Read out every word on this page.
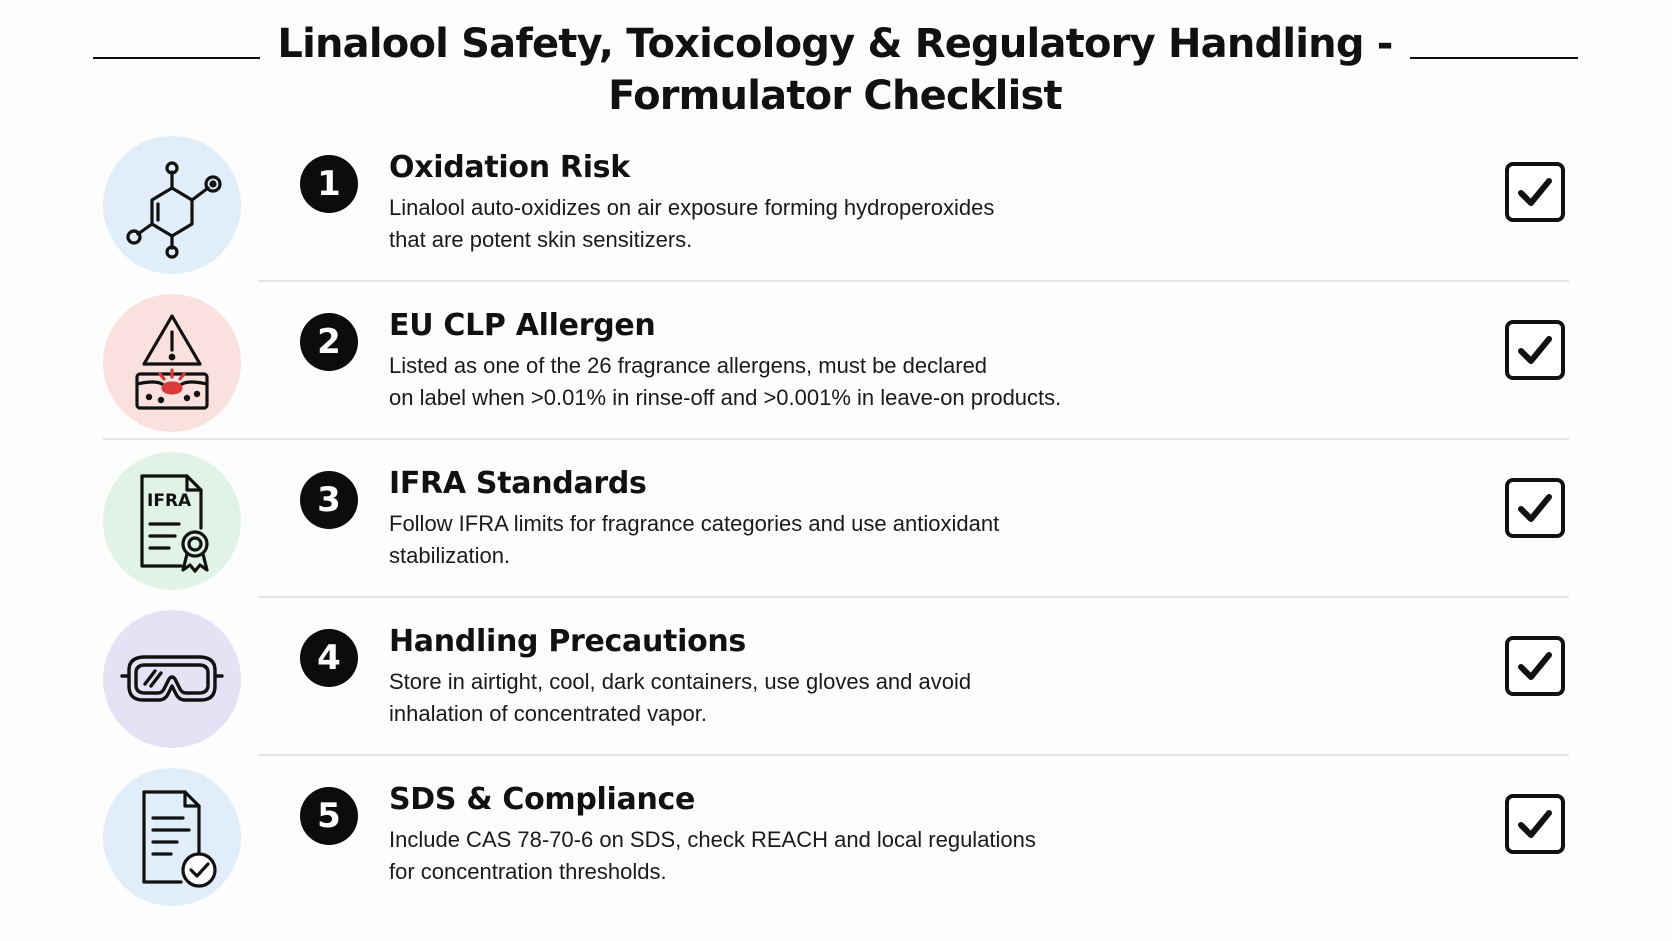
Linalool Safety, Toxicology & Regulatory Handling -
Formulator Checklist
1	Oxidation Risk
Linalool auto-oxidizes on air exposure forming hydroperoxides
that are potent skin sensitizers.
2	EU CLP Allergen
Listed as one of the 26 fragrance allergens, must be declared
on label when >0.01% in rinse-off and >0.001% in leave-on products.
IFRA	3	IFRA Standards
Follow IFRA limits for fragrance categories and use antioxidant
stabilization.
4	Handling Precautions
Store in airtight, cool, dark containers, use gloves and avoid
inhalation of concentrated vapor.
5	SDS & Compliance
Include CAS 78-70-6 on SDS, check REACH and local regulations
for concentration thresholds.
